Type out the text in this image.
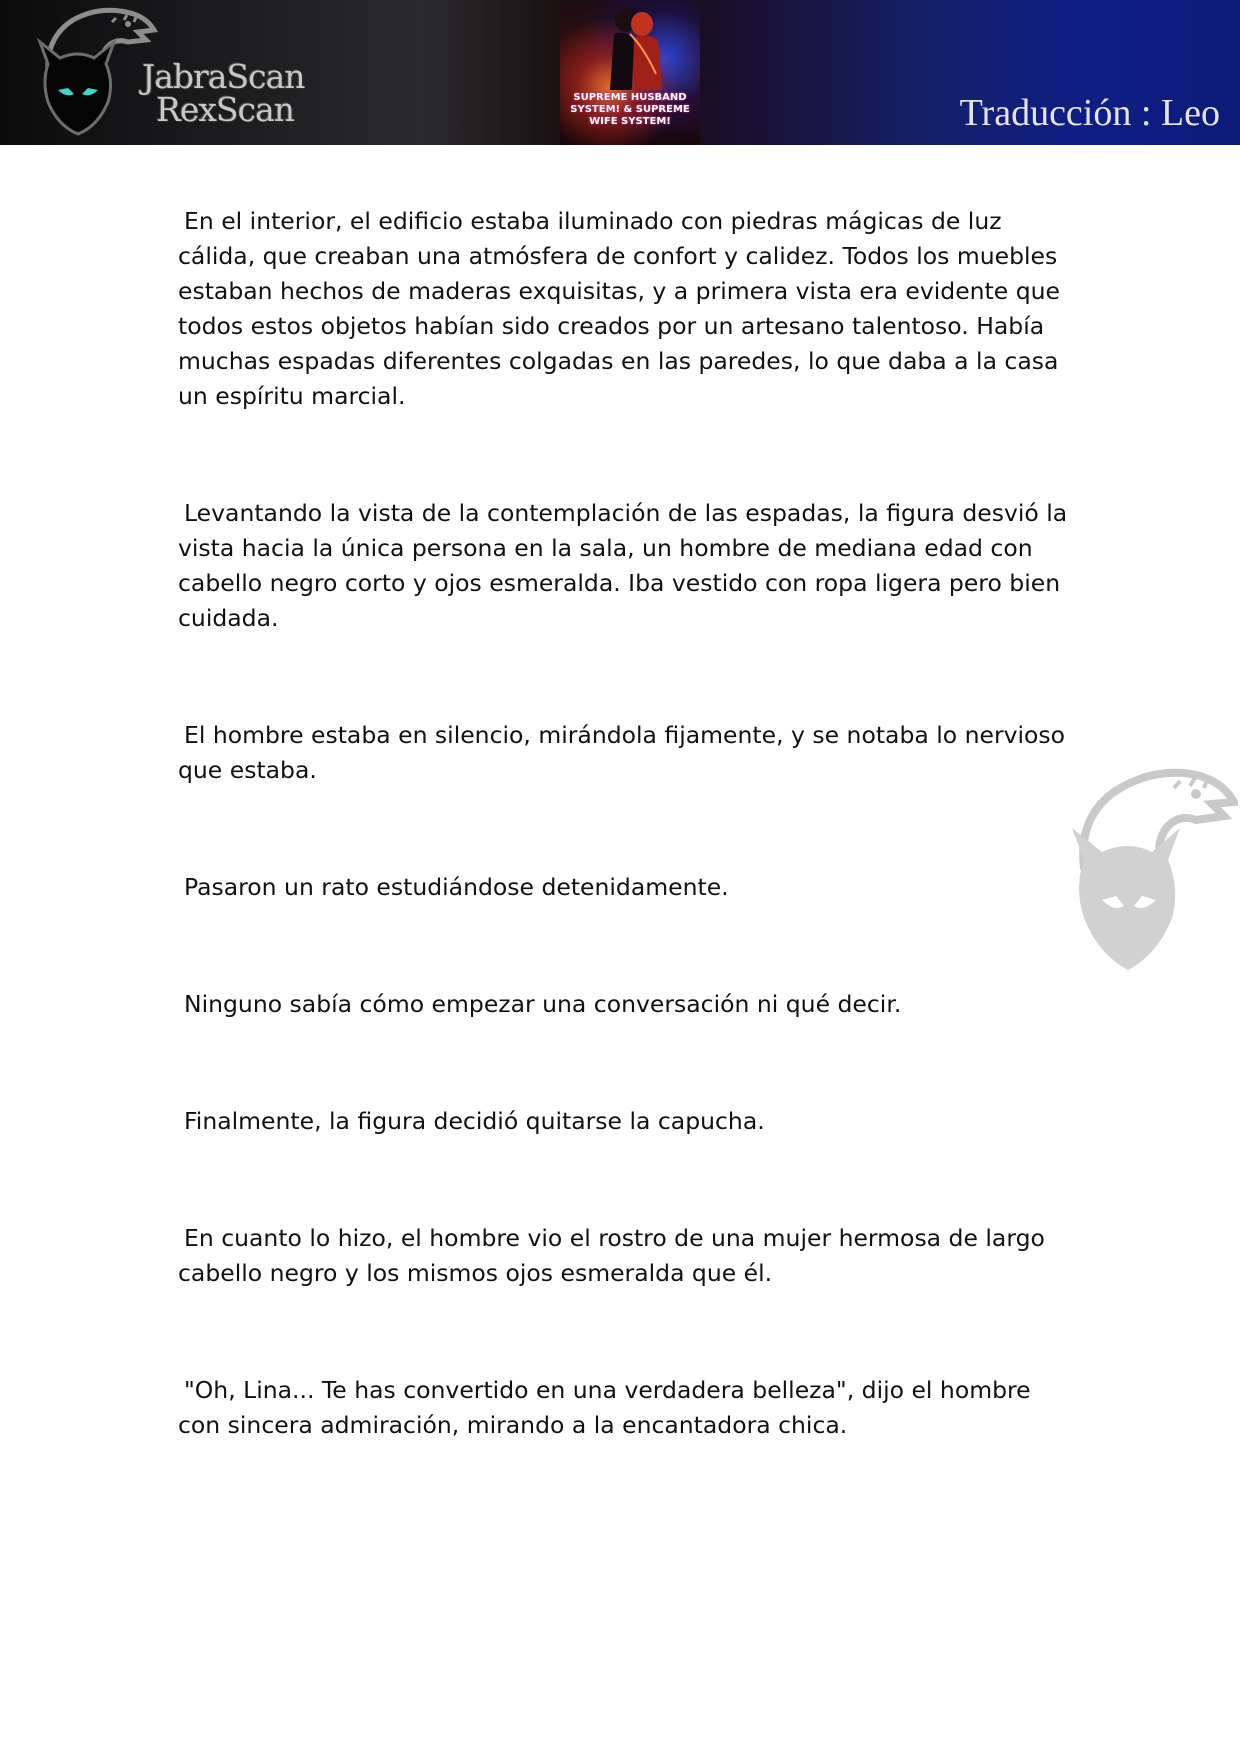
JabraScan
RexScan	SUPREME HUSBAND SYSTEM! & SUPREME WIFE SYSTEM!	Traducción : Leo

En el interior, el edificio estaba iluminado con piedras mágicas de luz cálida, que creaban una atmósfera de confort y calidez. Todos los muebles estaban hechos de maderas exquisitas, y a primera vista era evidente que todos estos objetos habían sido creados por un artesano talentoso. Había muchas espadas diferentes colgadas en las paredes, lo que daba a la casa un espíritu marcial.

Levantando la vista de la contemplación de las espadas, la figura desvió la vista hacia la única persona en la sala, un hombre de mediana edad con cabello negro corto y ojos esmeralda. Iba vestido con ropa ligera pero bien cuidada.

El hombre estaba en silencio, mirándola fijamente, y se notaba lo nervioso que estaba.

Pasaron un rato estudiándose detenidamente.

Ninguno sabía cómo empezar una conversación ni qué decir.

Finalmente, la figura decidió quitarse la capucha.

En cuanto lo hizo, el hombre vio el rostro de una mujer hermosa de largo cabello negro y los mismos ojos esmeralda que él.

"Oh, Lina... Te has convertido en una verdadera belleza", dijo el hombre con sincera admiración, mirando a la encantadora chica.
